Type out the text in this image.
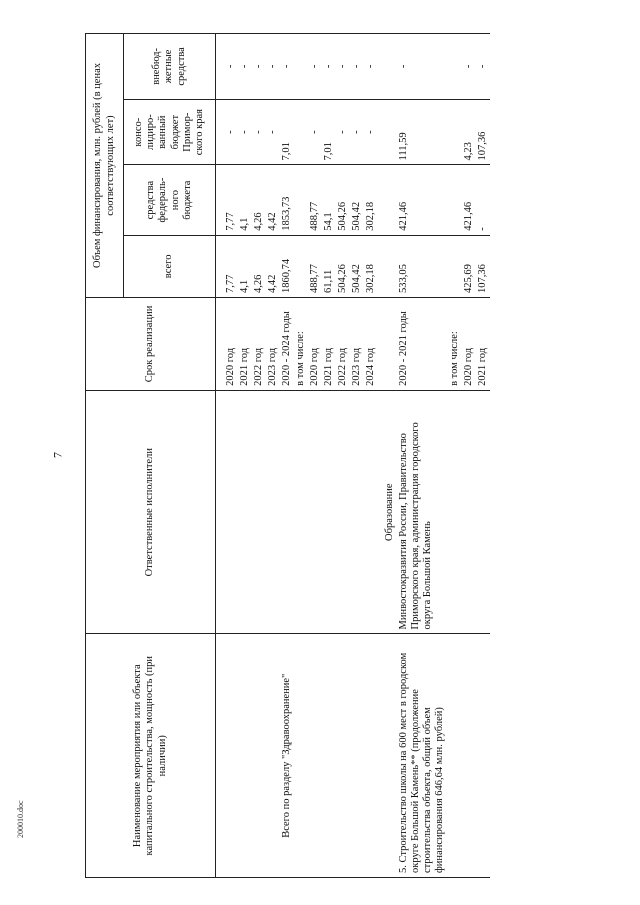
7
200010.doc	Наименование мероприятия или объекта капитального строительства, мощность (при наличии)	Ответственные исполнители	Срок реализации	Объем финансирования, млн. рублей (в ценах соответствующих лет)			
			всего	средства федераль-ного бюджета	консо-лидиро-ванный бюджет Примор-ского края	внебюд-жетные средства

		2020 год	7,77	7,77	-	-
		2021 год	4,1	4,1	-	-
		2022 год	4,26	4,26	-	-
		2023 год	4,42	4,42	-	-
Всего по разделу "Здравоохранение"		2020 - 2024 годы	1860,74	1853,73	7,01	-
		в том числе:				
		2020 год	488,77	488,77	-	-
		2021 год	61,11	54,1	7,01	-
		2022 год	504,26	504,26	-	-
		2023 год	504,42	504,42	-	-
		2024 год	302,18	302,18	-	-
	Образование					
5. Строительство школы на 600 мест в городском округе Большой Камень** (продолжение строительства объекта, общий объем финансирования 646,64 млн. рублей)	Минвостокразвития России, Правительство Приморского края, администрация городского округа Большой Камень	2020 - 2021 годы	533,05	421,46	111,59	-
		в том числе:				
		2020 год	425,69	421,46	4,23	-
		2021 год	107,36	-	107,36	-
